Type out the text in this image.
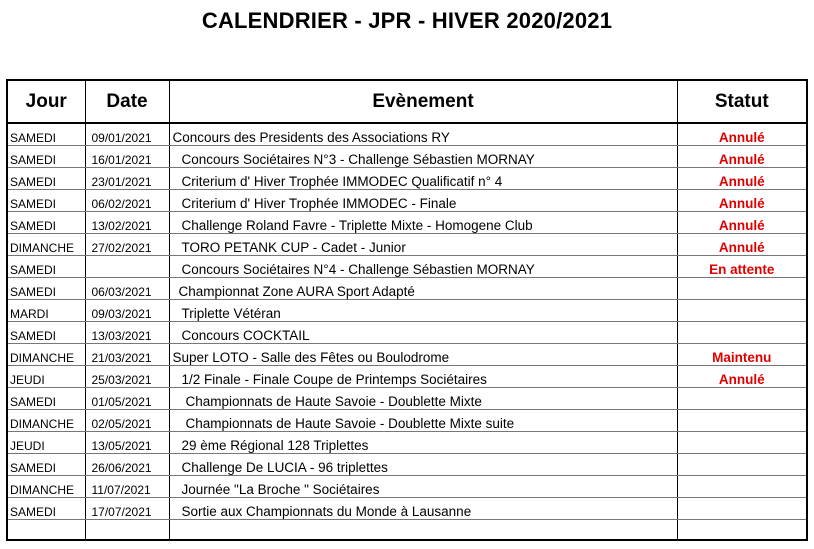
CALENDRIER - JPR - HIVER 2020/2021
Jour	Date	Evènement	Statut
SAMEDI	09/01/2021	Concours des Presidents des Associations RY	Annulé
SAMEDI	16/01/2021	Concours Sociétaires N°3 - Challenge Sébastien MORNAY	Annulé
SAMEDI	23/01/2021	Criterium d' Hiver Trophée IMMODEC Qualificatif n° 4	Annulé
SAMEDI	06/02/2021	Criterium d' Hiver Trophée IMMODEC - Finale	Annulé
SAMEDI	13/02/2021	Challenge Roland Favre - Triplette Mixte - Homogene Club	Annulé
DIMANCHE	27/02/2021	TORO PETANK CUP - Cadet - Junior	Annulé
SAMEDI		Concours Sociétaires N°4 - Challenge Sébastien MORNAY	En attente
SAMEDI	06/03/2021	Championnat Zone AURA Sport Adapté	
MARDI	09/03/2021	Triplette Vétéran	
SAMEDI	13/03/2021	Concours COCKTAIL	
DIMANCHE	21/03/2021	Super LOTO - Salle des Fêtes ou Boulodrome	Maintenu
JEUDI	25/03/2021	1/2 Finale - Finale Coupe de Printemps Sociétaires	Annulé
SAMEDI	01/05/2021	Championnats de Haute Savoie - Doublette Mixte	
DIMANCHE	02/05/2021	Championnats de Haute Savoie - Doublette Mixte suite	
JEUDI	13/05/2021	29 ème Régional 128 Triplettes	
SAMEDI	26/06/2021	Challenge De LUCIA - 96 triplettes	
DIMANCHE	11/07/2021	Journée "La Broche " Sociétaires	
SAMEDI	17/07/2021	Sortie aux Championnats du Monde à Lausanne	
